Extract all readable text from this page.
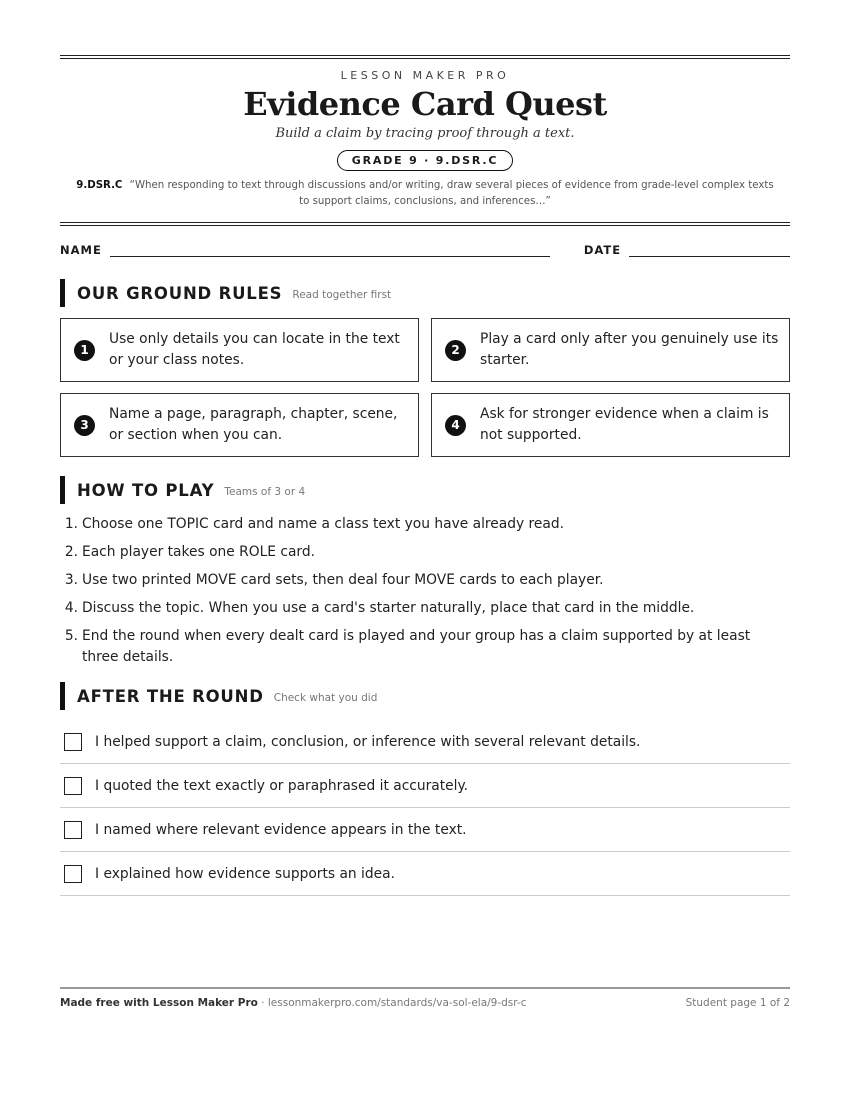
LESSON MAKER PRO
Evidence Card Quest
Build a claim by tracing proof through a text.
GRADE 9 · 9.DSR.C
9.DSR.C “When responding to text through discussions and/or writing, draw several pieces of evidence from grade-level complex texts to support claims, conclusions, and inferences…”
NAME	DATE
OUR GROUND RULES Read together first
1
Use only details you can locate in the text or your class notes.
2
Play a card only after you genuinely use its starter.
3
Name a page, paragraph, chapter, scene, or section when you can.
4
Ask for stronger evidence when a claim is not supported.
HOW TO PLAY Teams of 3 or 4
1. Choose one TOPIC card and name a class text you have already read.
2. Each player takes one ROLE card.
3. Use two printed MOVE card sets, then deal four MOVE cards to each player.
4. Discuss the topic. When you use a card's starter naturally, place that card in the middle.
5. End the round when every dealt card is played and your group has a claim supported by at least three details.
AFTER THE ROUND Check what you did
I helped support a claim, conclusion, or inference with several relevant details.
I quoted the text exactly or paraphrased it accurately.
I named where relevant evidence appears in the text.
I explained how evidence supports an idea.
Made free with Lesson Maker Pro · lessonmakerpro.com/standards/va-sol-ela/9-dsr-c	Student page 1 of 2
